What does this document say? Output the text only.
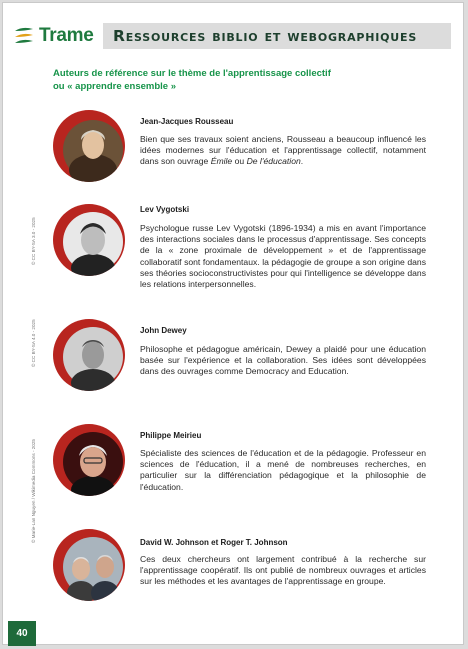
Trame	Ressources biblio et webographiques
Auteurs de référence sur le thème de l'apprentissage collectif
ou « apprendre ensemble »
© CC BY-SA 3.0 - 2025
© CC BY-SA 4.0 - 2025
© Marie-Lan Nguyen / Wikimedia Commons - 2025
Jean-Jacques Rousseau

Bien que ses travaux soient anciens, Rousseau a beaucoup influencé les idées modernes sur l'éducation et l'apprentissage collectif, notamment dans son ouvrage Émile ou De l'éducation.

Lev Vygotski

Psychologue russe Lev Vygotski (1896-1934) a mis en avant l'importance des interactions sociales dans le processus d'apprentissage. Ses concepts de la « zone proximale de développement » et de l'apprentissage collaboratif sont fondamentaux. la pédagogie de groupe a son origine dans ses théories socioconstructivistes pour qui l'intelligence se développe dans les relations interpersonnelles.

John Dewey

Philosophe et pédagogue américain, Dewey a plaidé pour une éducation basée sur l'expérience et la collaboration. Ses idées sont développées dans des ouvrages comme Democracy and Education.

Philippe Meirieu

Spécialiste des sciences de l'éducation et de la pédagogie. Professeur en sciences de l'éducation, il a mené de nombreuses recherches, en particulier sur la différenciation pédagogique et la philosophie de l'éducation.

David W. Johnson et Roger T. Johnson

Ces deux chercheurs ont largement contribué à la recherche sur l'apprentissage coopératif. Ils ont publié de nombreux ouvrages et articles sur les méthodes et les avantages de l'apprentissage en groupe.

40
